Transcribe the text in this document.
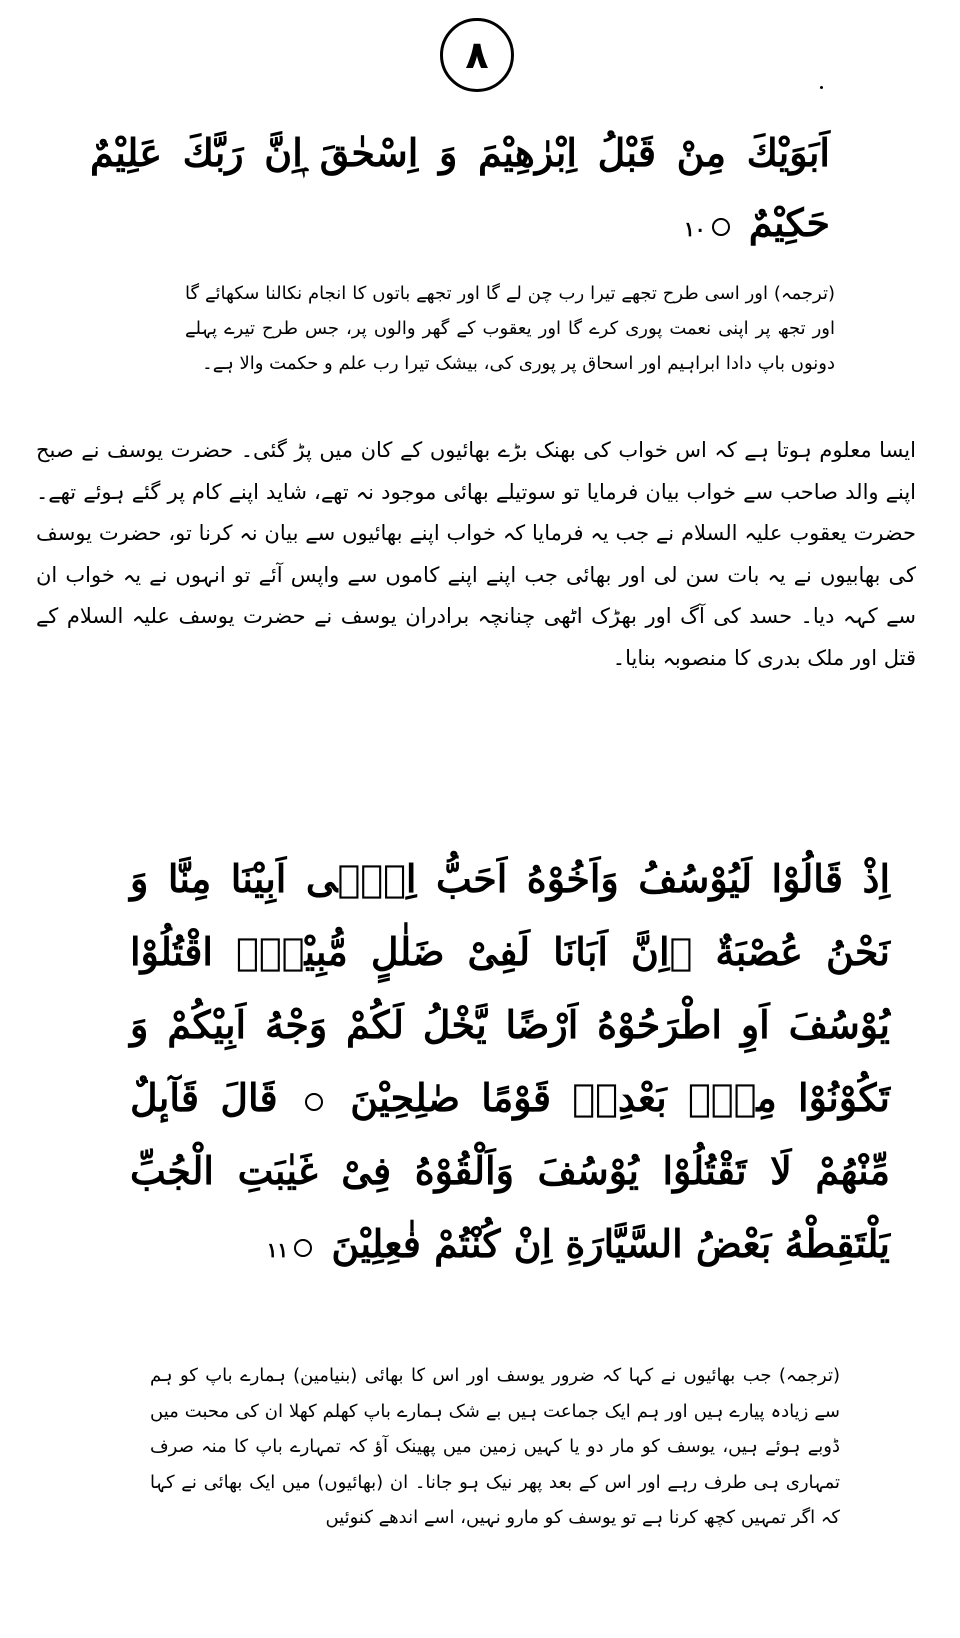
٨
اَبَوَیْكَ مِنْ قَبْلُ اِبْرٰهِیْمَ وَ اِسْحٰقَ ۭاِنَّ رَبَّكَ عَلِیْمٌ حَكِیْمٌ ۱۰
(ترجمہ) اور اسی طرح تجھے تیرا رب چن لے گا اور تجھے باتوں کا انجام نکالنا سکھائے گا اور تجھ پر اپنی نعمت پوری کرے گا اور یعقوب کے گھر والوں پر، جس طرح تیرے پہلے دونوں باپ دادا ابراہیم اور اسحاق پر پوری کی، بیشک تیرا رب علم و حکمت والا ہے۔
ایسا معلوم ہوتا ہے کہ اس خواب کی بھنک بڑے بھائیوں کے کان میں پڑ گئی۔ حضرت یوسف نے صبح اپنے والد صاحب سے خواب بیان فرمایا تو سوتیلے بھائی موجود نہ تھے، شاید اپنے کام پر گئے ہوئے تھے۔ حضرت یعقوب علیہ السلام نے جب یہ فرمایا کہ خواب اپنے بھائیوں سے بیان نہ کرنا تو، حضرت یوسف کی بھابیوں نے یہ بات سن لی اور بھائی جب اپنے اپنے کاموں سے واپس آئے تو انہوں نے یہ خواب ان سے کہہ دیا۔ حسد کی آگ اور بھڑک اٹھی چنانچہ برادران یوسف نے حضرت یوسف علیہ السلام کے قتل اور ملک بدری کا منصوبہ بنایا۔
اِذْ قَالُوْا لَیُوْسُفُ وَاَخُوْهُ اَحَبُّ اِلٰۤى اَبِیْنَا مِنَّا وَ نَحْنُ عُصْبَةٌ ۭاِنَّ اَبَانَا لَفِیْ ضَلٰلٍ مُّبِیْنِۙ اقْتُلُوْا یُوْسُفَ اَوِ اطْرَحُوْهُ اَرْضًا یَّخْلُ لَكُمْ وَجْهُ اَبِیْكُمْ وَ تَكُوْنُوْا مِنْۢ بَعْدِهٖ قَوْمًا صٰلِحِیْنَ  قَالَ قَآىٕلٌ مِّنْهُمْ لَا تَقْتُلُوْا یُوْسُفَ وَاَلْقُوْهُ فِیْ غَیٰبَتِ الْجُبِّ یَلْتَقِطْهُ بَعْضُ السَّیَّارَةِ اِنْ كُنْتُمْ فٰعِلِیْنَ ۱۱
(ترجمہ) جب بھائیوں نے کہا کہ ضرور یوسف اور اس کا بھائی (بنیامین) ہمارے باپ کو ہم سے زیادہ پیارے ہیں اور ہم ایک جماعت ہیں بے شک ہمارے باپ کھلم کھلا ان کی محبت میں ڈوبے ہوئے ہیں، یوسف کو مار دو یا کہیں زمین میں پھینک آؤ کہ تمہارے باپ کا منہ صرف تمہاری ہی طرف رہے اور اس کے بعد پھر نیک ہو جانا۔ ان (بھائیوں) میں ایک بھائی نے کہا کہ اگر تمہیں کچھ کرنا ہے تو یوسف کو مارو نہیں، اسے اندھے کنوئیں
